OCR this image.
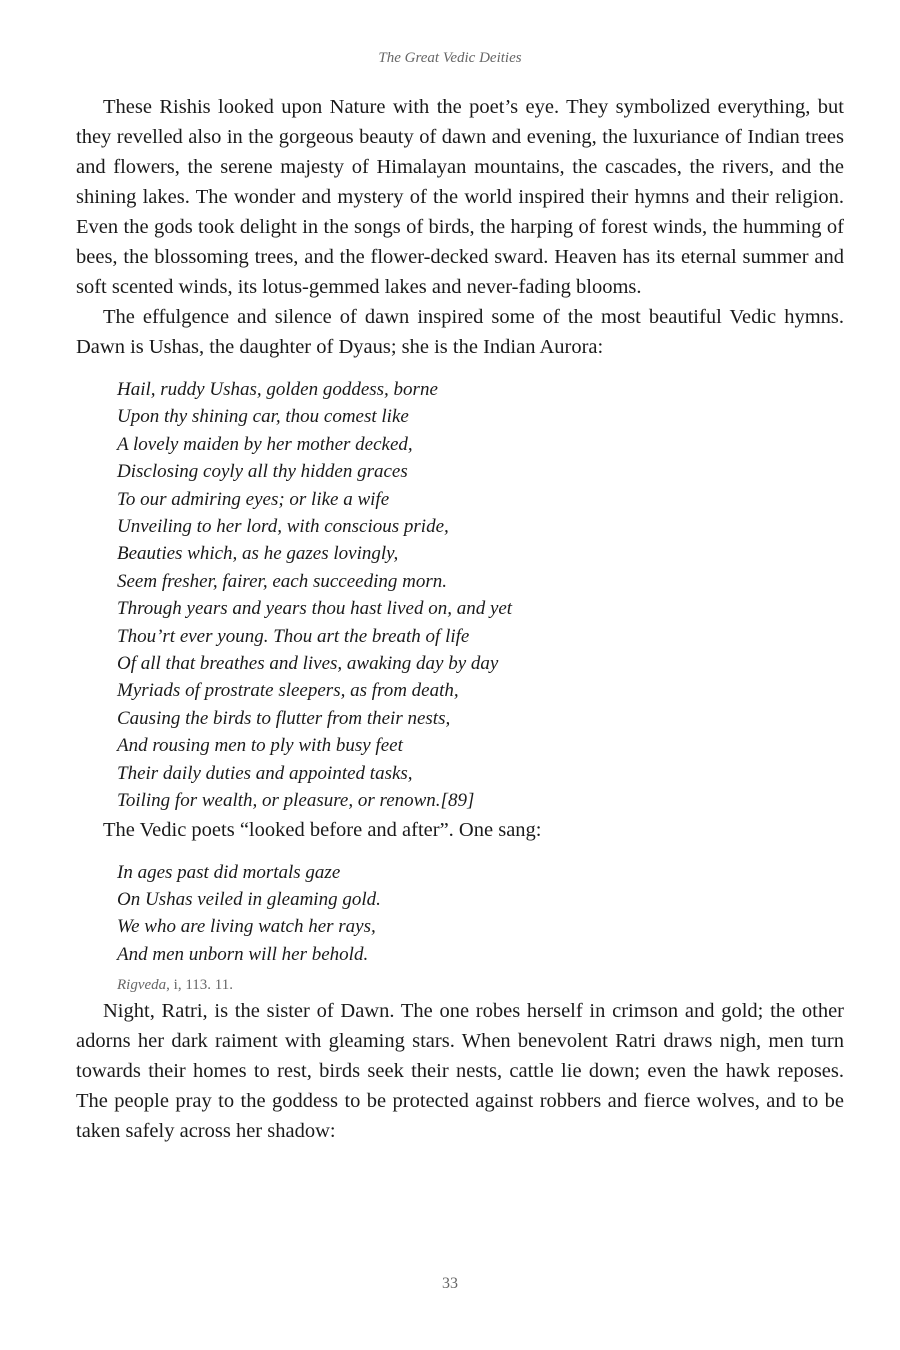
The Great Vedic Deities

These Rishis looked upon Nature with the poet’s eye. They symbolized everything, but they revelled also in the gorgeous beauty of dawn and evening, the luxuriance of Indian trees and flowers, the serene majesty of Himalayan mountains, the cascades, the rivers, and the shining lakes. The wonder and mystery of the world inspired their hymns and their religion. Even the gods took delight in the songs of birds, the harping of forest winds, the humming of bees, the blossoming trees, and the flower-decked sward. Heaven has its eternal summer and soft scented winds, its lotus-gemmed lakes and never-fading blooms.

The effulgence and silence of dawn inspired some of the most beautiful Vedic hymns. Dawn is Ushas, the daughter of Dyaus; she is the Indian Aurora:

Hail, ruddy Ushas, golden goddess, borne
Upon thy shining car, thou comest like
A lovely maiden by her mother decked,
Disclosing coyly all thy hidden graces
To our admiring eyes; or like a wife
Unveiling to her lord, with conscious pride,
Beauties which, as he gazes lovingly,
Seem fresher, fairer, each succeeding morn.
Through years and years thou hast lived on, and yet
Thou’rt ever young. Thou art the breath of life
Of all that breathes and lives, awaking day by day
Myriads of prostrate sleepers, as from death,
Causing the birds to flutter from their nests,
And rousing men to ply with busy feet
Their daily duties and appointed tasks,
Toiling for wealth, or pleasure, or renown.[89]

The Vedic poets “looked before and after”. One sang:

In ages past did mortals gaze
On Ushas veiled in gleaming gold.
We who are living watch her rays,
And men unborn will her behold.
Rigveda, i, 113. 11.

Night, Ratri, is the sister of Dawn. The one robes herself in crimson and gold; the other adorns her dark raiment with gleaming stars. When benevolent Ratri draws nigh, men turn towards their homes to rest, birds seek their nests, cattle lie down; even the hawk reposes. The people pray to the goddess to be protected against robbers and fierce wolves, and to be taken safely across her shadow:

33
